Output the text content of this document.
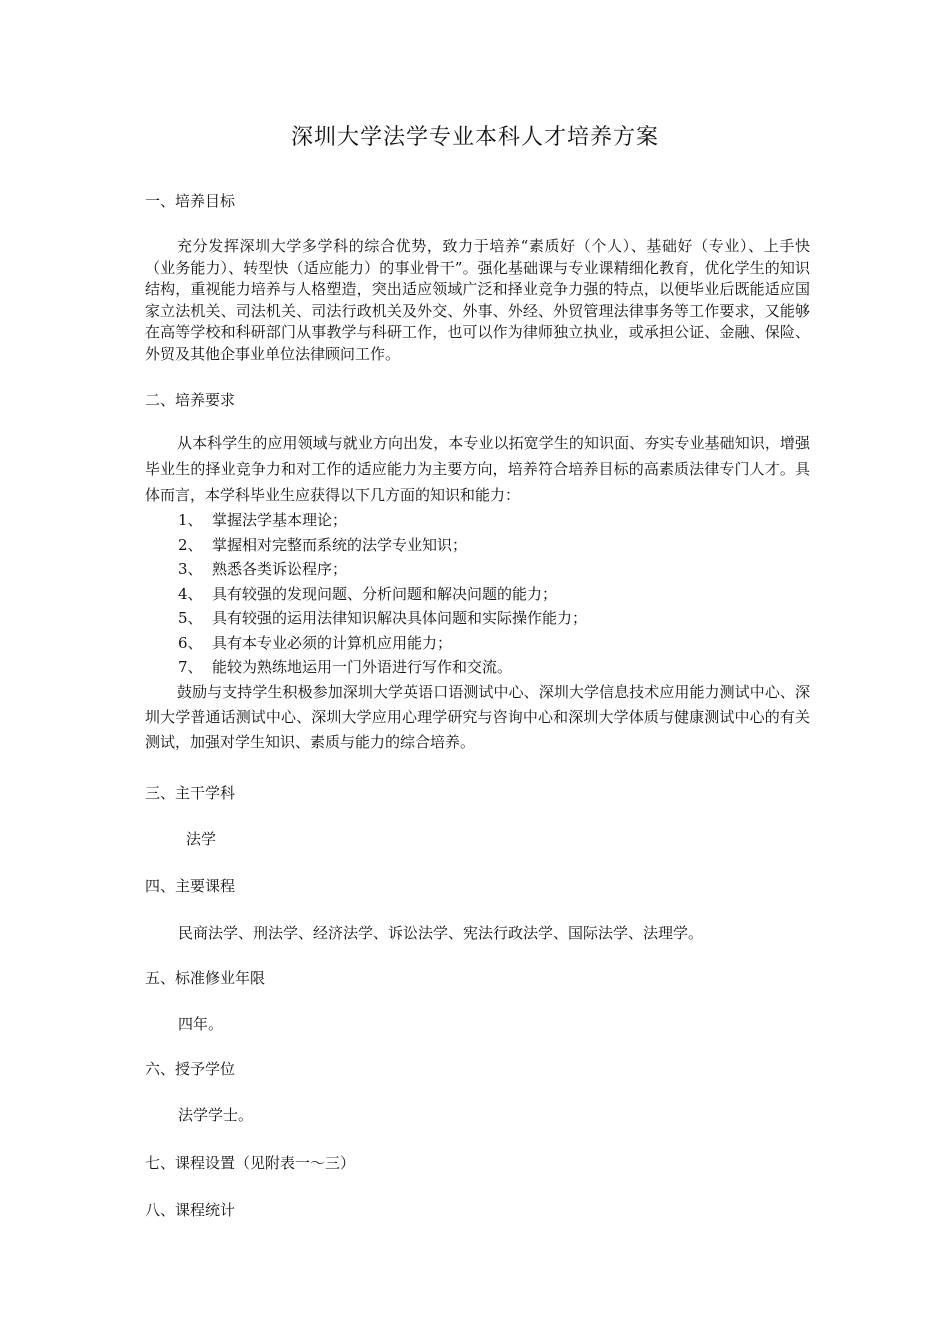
深圳大学法学专业本科人才培养方案
一、培养目标

充分发挥深圳大学多学科的综合优势，致力于培养“素质好（个人）、基础好（专业）、上手快（业务能力）、转型快（适应能力）的事业骨干”。强化基础课与专业课精细化教育，优化学生的知识结构，重视能力培养与人格塑造，突出适应领域广泛和择业竞争力强的特点，以便毕业后既能适应国家立法机关、司法机关、司法行政机关及外交、外事、外经、外贸管理法律事务等工作要求，又能够在高等学校和科研部门从事教学与科研工作，也可以作为律师独立执业，或承担公证、金融、保险、外贸及其他企事业单位法律顾问工作。

二、培养要求

从本科学生的应用领域与就业方向出发，本专业以拓宽学生的知识面、夯实专业基础知识，增强毕业生的择业竞争力和对工作的适应能力为主要方向，培养符合培养目标的高素质法律专门人才。具体而言，本学科毕业生应获得以下几方面的知识和能力：

1、 掌握法学基本理论；
2、 掌握相对完整而系统的法学专业知识；
3、 熟悉各类诉讼程序；
4、 具有较强的发现问题、分析问题和解决问题的能力；
5、 具有较强的运用法律知识解决具体问题和实际操作能力；
6、 具有本专业必须的计算机应用能力；
7、 能较为熟练地运用一门外语进行写作和交流。

鼓励与支持学生积极参加深圳大学英语口语测试中心、深圳大学信息技术应用能力测试中心、深圳大学普通话测试中心、深圳大学应用心理学研究与咨询中心和深圳大学体质与健康测试中心的有关测试，加强对学生知识、素质与能力的综合培养。

三、主干学科
法学
四、主要课程
民商法学、刑法学、经济法学、诉讼法学、宪法行政法学、国际法学、法理学。
五、标准修业年限
四年。
六、授予学位
法学学士。
七、课程设置（见附表一～三）
八、课程统计
